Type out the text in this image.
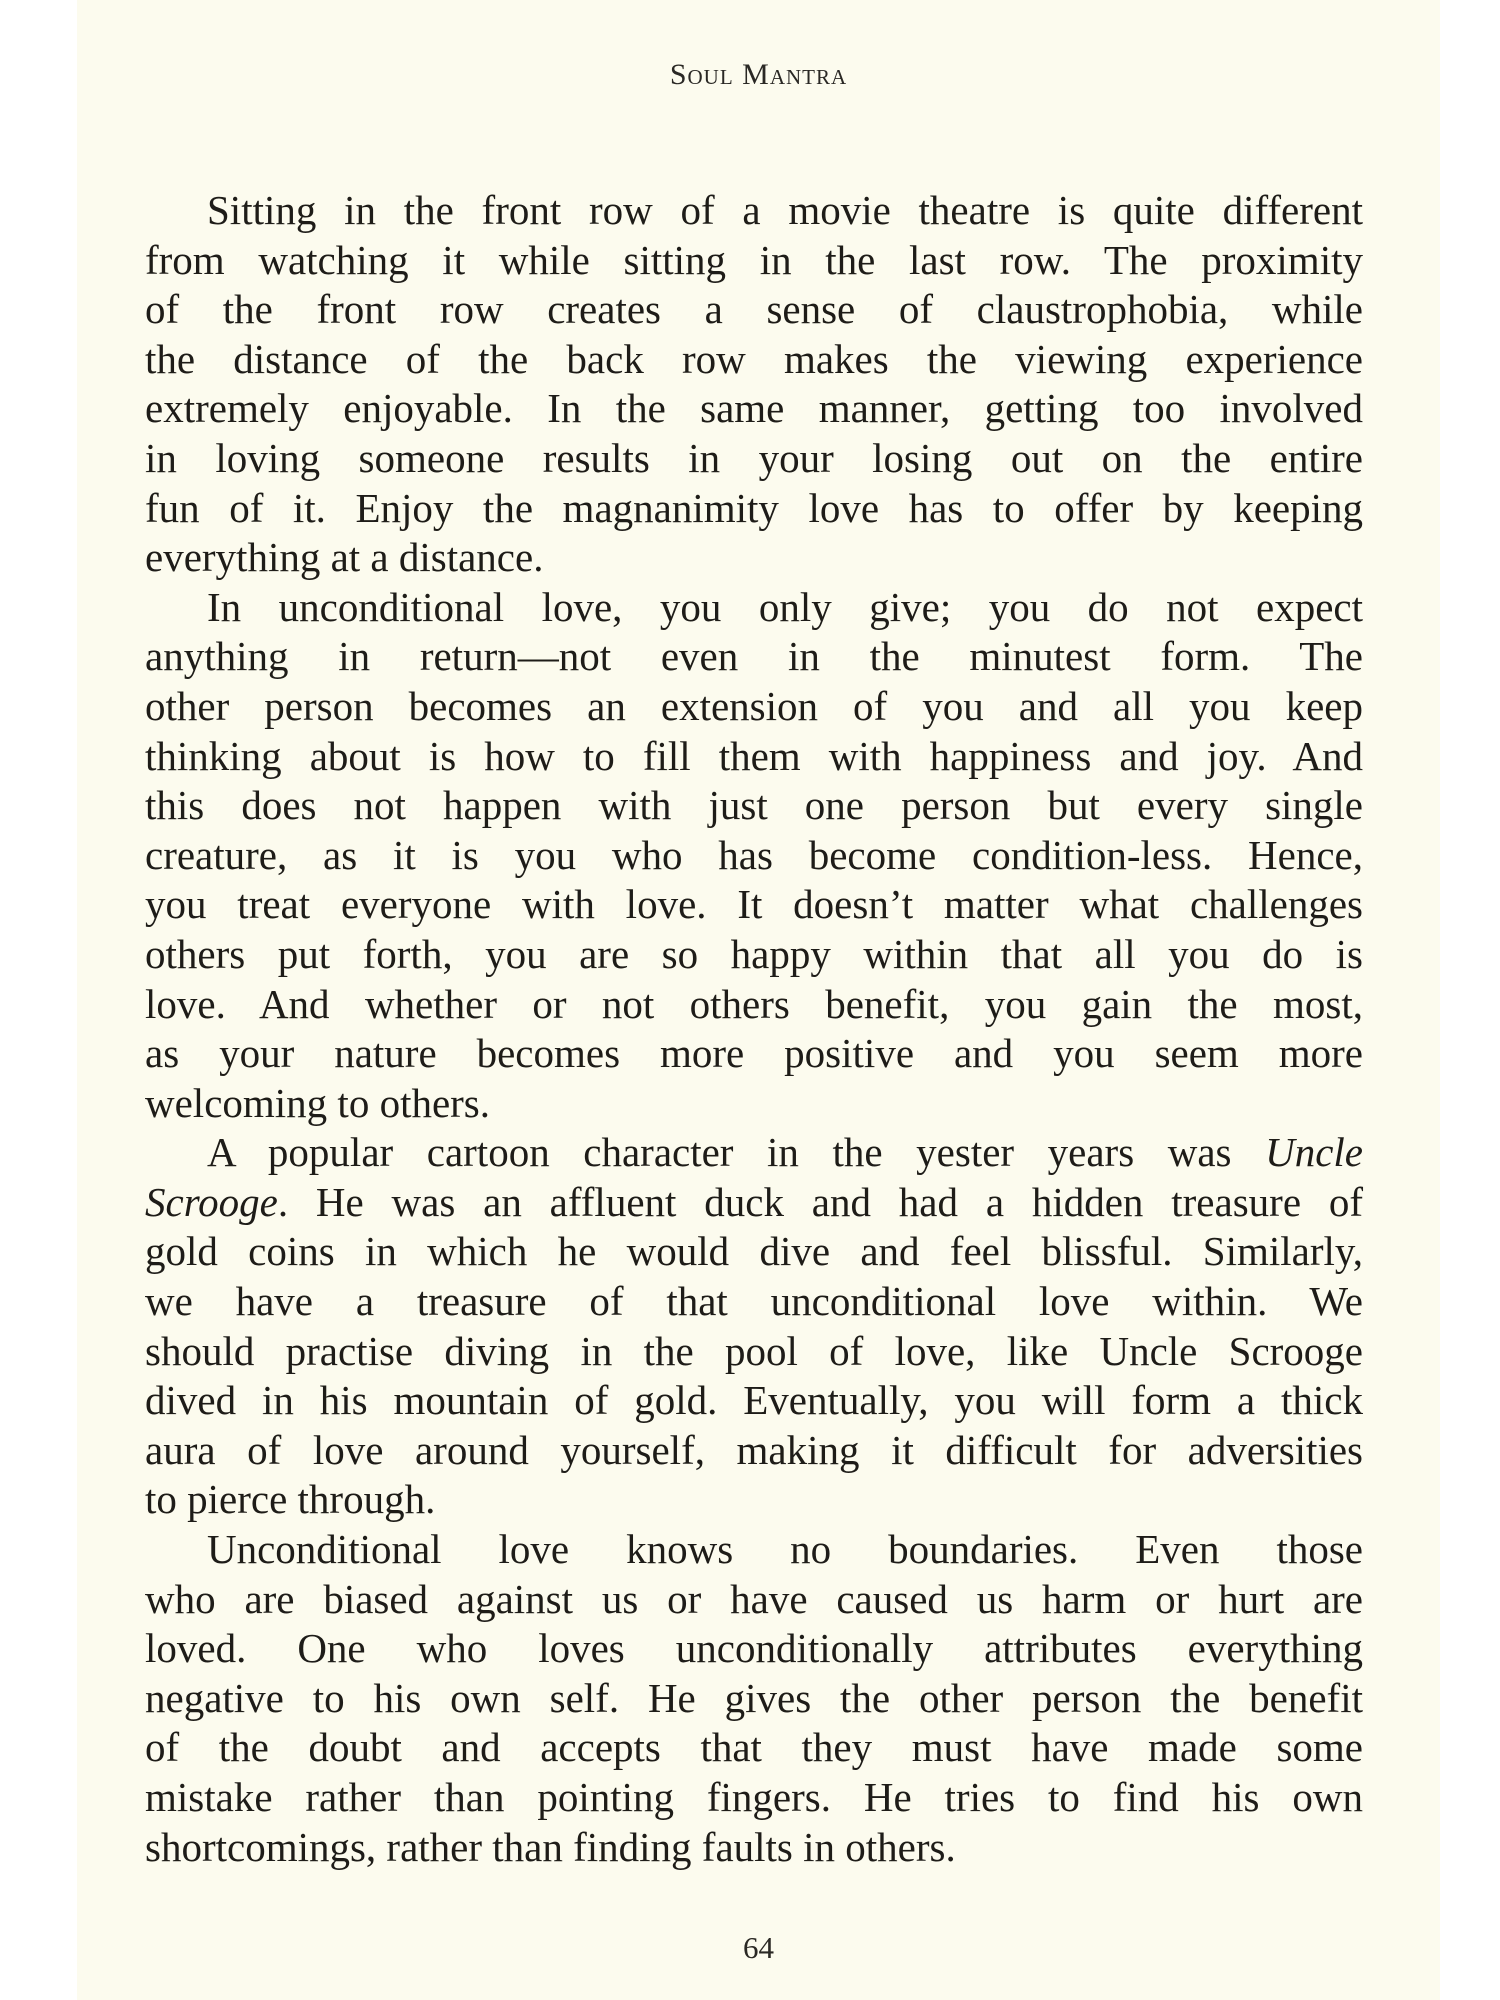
Soul Mantra
Sitting in the front row of a movie theatre is quite different
from watching it while sitting in the last row. The proximity
of the front row creates a sense of claustrophobia, while
the distance of the back row makes the viewing experience
extremely enjoyable. In the same manner, getting too involved
in loving someone results in your losing out on the entire
fun of it. Enjoy the magnanimity love has to offer by keeping
everything at a distance.
In unconditional love, you only give; you do not expect
anything in return—not even in the minutest form. The
other person becomes an extension of you and all you keep
thinking about is how to fill them with happiness and joy. And
this does not happen with just one person but every single
creature, as it is you who has become condition-less. Hence,
you treat everyone with love. It doesn’t matter what challenges
others put forth, you are so happy within that all you do is
love. And whether or not others benefit, you gain the most,
as your nature becomes more positive and you seem more
welcoming to others.
A popular cartoon character in the yester years was Uncle
Scrooge. He was an affluent duck and had a hidden treasure of
gold coins in which he would dive and feel blissful. Similarly,
we have a treasure of that unconditional love within. We
should practise diving in the pool of love, like Uncle Scrooge
dived in his mountain of gold. Eventually, you will form a thick
aura of love around yourself, making it difficult for adversities
to pierce through.
Unconditional love knows no boundaries. Even those
who are biased against us or have caused us harm or hurt are
loved. One who loves unconditionally attributes everything
negative to his own self. He gives the other person the benefit
of the doubt and accepts that they must have made some
mistake rather than pointing fingers. He tries to find his own
shortcomings, rather than finding faults in others.
64
